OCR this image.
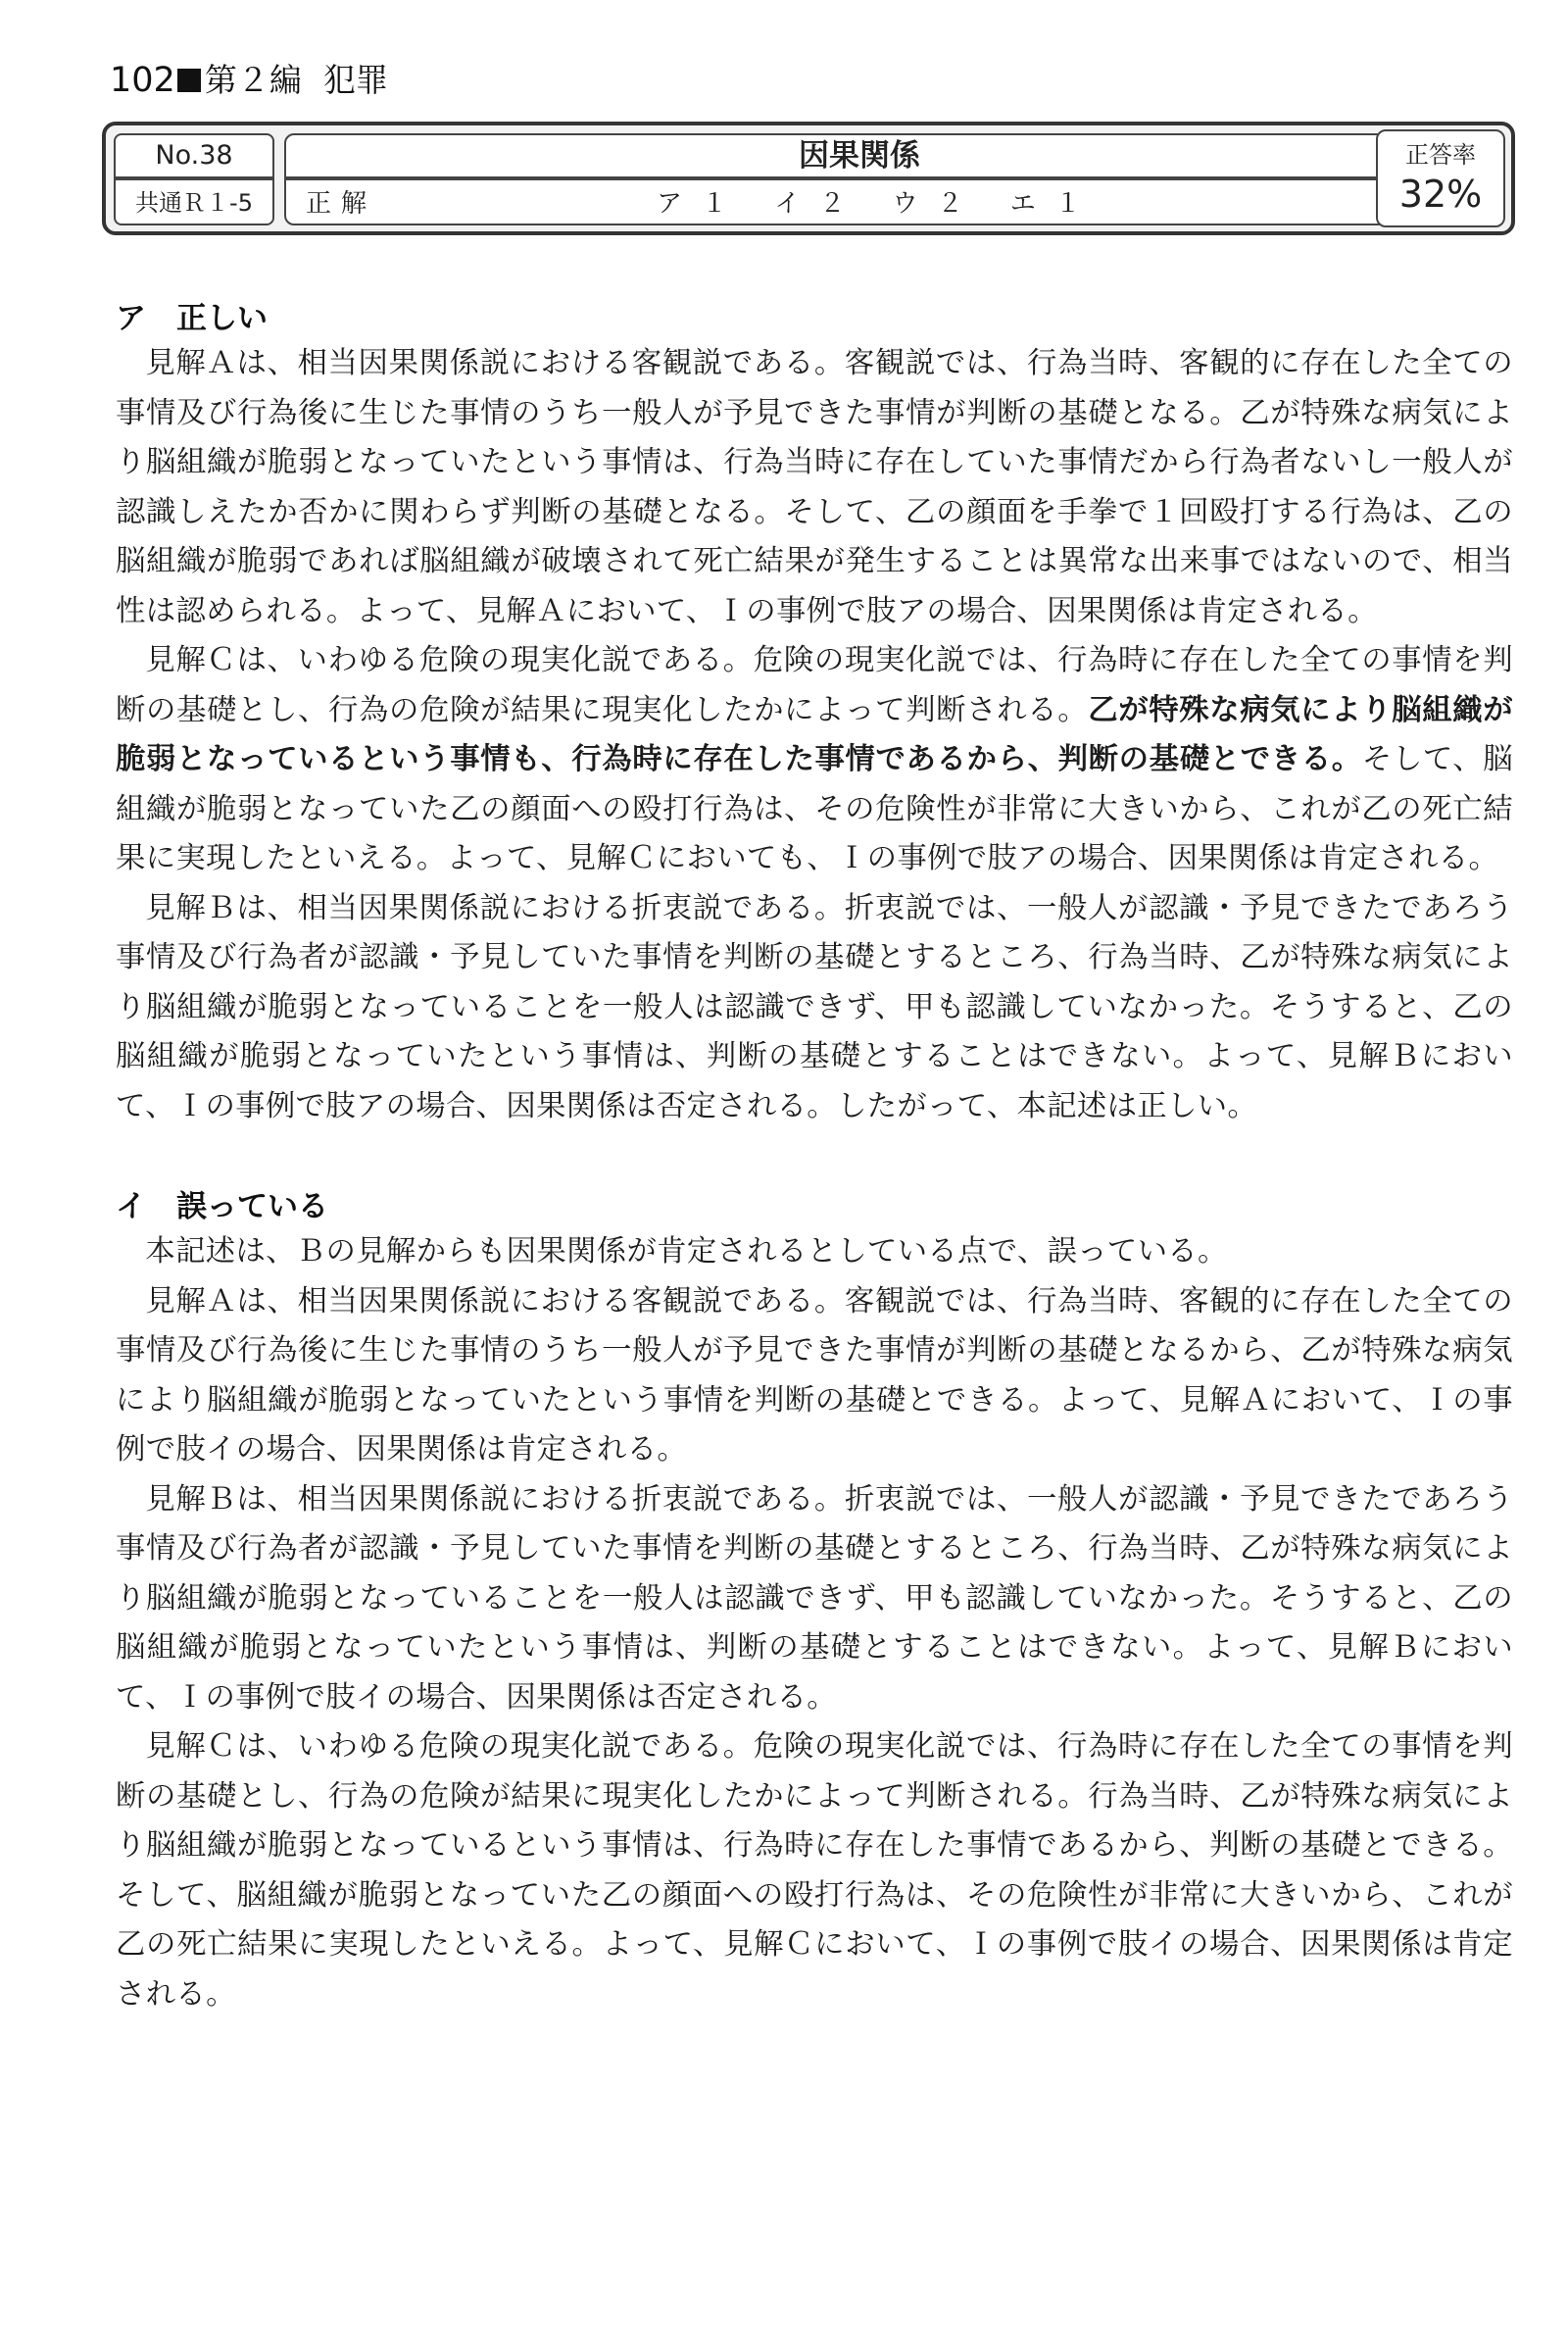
102 第２編 犯罪
No.38
共通Ｒ１-5
因果関係
正解	ア１ イ２ ウ２ エ１
正答率
32%
ア　正しい

見解Ａは、相当因果関係説における客観説である。客観説では、行為当時、客観的に存在した全ての事情及び行為後に生じた事情のうち一般人が予見できた事情が判断の基礎となる。乙が特殊な病気により脳組織が脆弱となっていたという事情は、行為当時に存在していた事情だから行為者ないし一般人が認識しえたか否かに関わらず判断の基礎となる。そして、乙の顔面を手拳で１回殴打する行為は、乙の脳組織が脆弱であれば脳組織が破壊されて死亡結果が発生することは異常な出来事ではないので、相当性は認められる。よって、見解Ａにおいて、Ｉの事例で肢アの場合、因果関係は肯定される。

見解Ｃは、いわゆる危険の現実化説である。危険の現実化説では、行為時に存在した全ての事情を判断の基礎とし、行為の危険が結果に現実化したかによって判断される。乙が特殊な病気により脳組織が脆弱となっているという事情も、行為時に存在した事情であるから、判断の基礎とできる。そして、脳組織が脆弱となっていた乙の顔面への殴打行為は、その危険性が非常に大きいから、これが乙の死亡結果に実現したといえる。よって、見解Ｃにおいても、Ｉの事例で肢アの場合、因果関係は肯定される。

見解Ｂは、相当因果関係説における折衷説である。折衷説では、一般人が認識・予見できたであろう事情及び行為者が認識・予見していた事情を判断の基礎とするところ、行為当時、乙が特殊な病気により脳組織が脆弱となっていることを一般人は認識できず、甲も認識していなかった。そうすると、乙の脳組織が脆弱となっていたという事情は、判断の基礎とすることはできない。よって、見解Ｂにおいて、Ｉの事例で肢アの場合、因果関係は否定される。したがって、本記述は正しい。

イ　誤っている

本記述は、Ｂの見解からも因果関係が肯定されるとしている点で、誤っている。

見解Ａは、相当因果関係説における客観説である。客観説では、行為当時、客観的に存在した全ての事情及び行為後に生じた事情のうち一般人が予見できた事情が判断の基礎となるから、乙が特殊な病気により脳組織が脆弱となっていたという事情を判断の基礎とできる。よって、見解Ａにおいて、Ｉの事例で肢イの場合、因果関係は肯定される。

見解Ｂは、相当因果関係説における折衷説である。折衷説では、一般人が認識・予見できたであろう事情及び行為者が認識・予見していた事情を判断の基礎とするところ、行為当時、乙が特殊な病気により脳組織が脆弱となっていることを一般人は認識できず、甲も認識していなかった。そうすると、乙の脳組織が脆弱となっていたという事情は、判断の基礎とすることはできない。よって、見解Ｂにおいて、Ｉの事例で肢イの場合、因果関係は否定される。

見解Ｃは、いわゆる危険の現実化説である。危険の現実化説では、行為時に存在した全ての事情を判断の基礎とし、行為の危険が結果に現実化したかによって判断される。行為当時、乙が特殊な病気により脳組織が脆弱となっているという事情は、行為時に存在した事情であるから、判断の基礎とできる。そして、脳組織が脆弱となっていた乙の顔面への殴打行為は、その危険性が非常に大きいから、これが乙の死亡結果に実現したといえる。よって、見解Ｃにおいて、Ｉの事例で肢イの場合、因果関係は肯定される。
